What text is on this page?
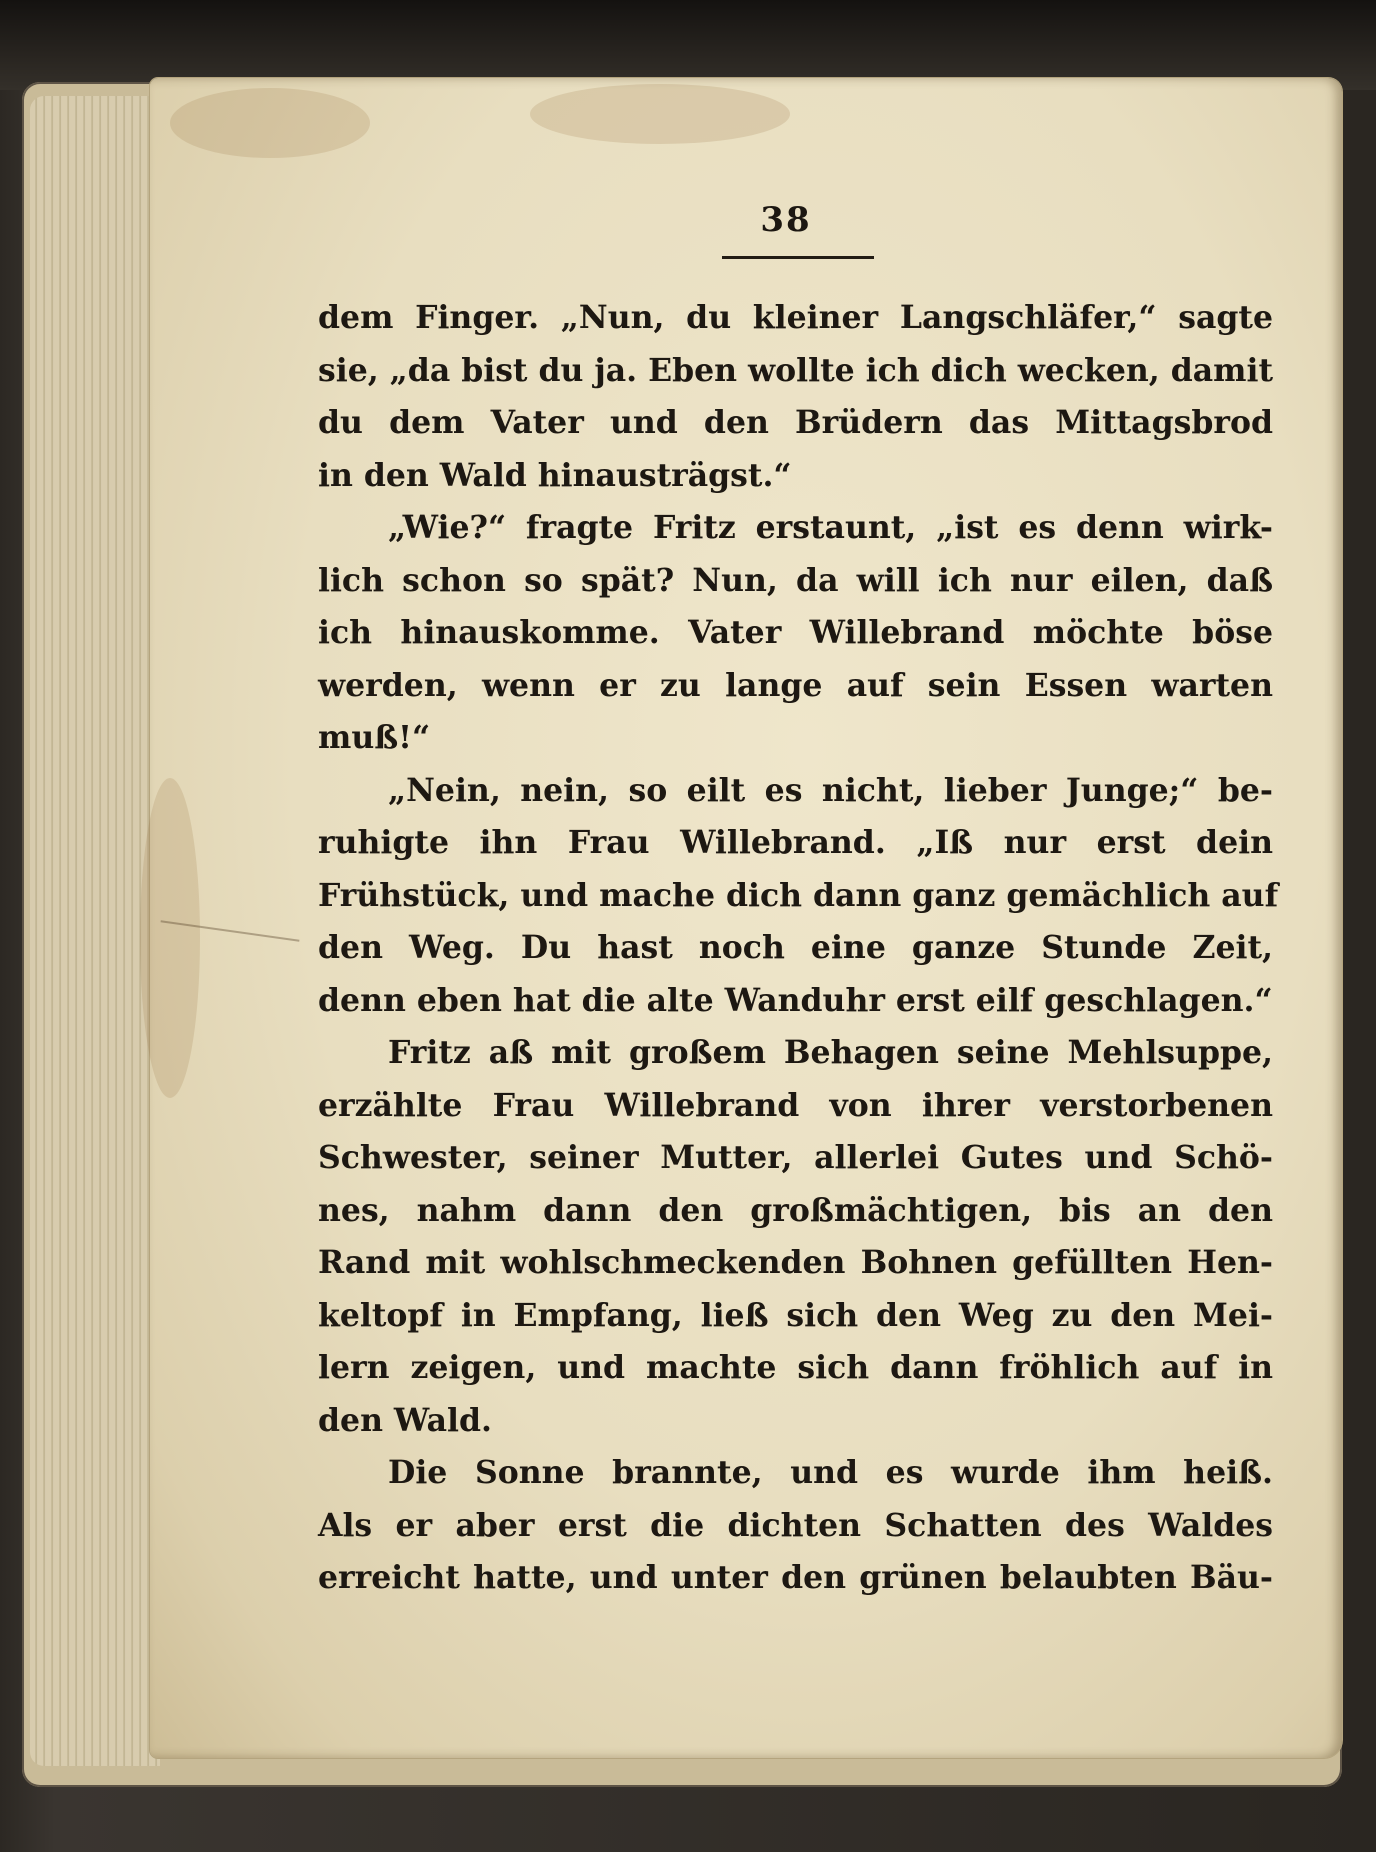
38
dem Finger. „Nun, du kleiner Langschläfer,“ sagte
sie, „da bist du ja. Eben wollte ich dich wecken, damit
du dem Vater und den Brüdern das Mittagsbrod
in den Wald hinausträgst.“
„Wie?“ fragte Fritz erstaunt, „ist es denn wirk-
lich schon so spät? Nun, da will ich nur eilen, daß
ich hinauskomme. Vater Willebrand möchte böse
werden, wenn er zu lange auf sein Essen warten
muß!“
„Nein, nein, so eilt es nicht, lieber Junge;“ be-
ruhigte ihn Frau Willebrand. „Iß nur erst dein
Frühstück, und mache dich dann ganz gemächlich auf
den Weg. Du hast noch eine ganze Stunde Zeit,
denn eben hat die alte Wanduhr erst eilf geschlagen.“
Fritz aß mit großem Behagen seine Mehlsuppe,
erzählte Frau Willebrand von ihrer verstorbenen
Schwester, seiner Mutter, allerlei Gutes und Schö-
nes, nahm dann den großmächtigen, bis an den
Rand mit wohlschmeckenden Bohnen gefüllten Hen-
keltopf in Empfang, ließ sich den Weg zu den Mei-
lern zeigen, und machte sich dann fröhlich auf in
den Wald.
Die Sonne brannte, und es wurde ihm heiß.
Als er aber erst die dichten Schatten des Waldes
erreicht hatte, und unter den grünen belaubten Bäu-
